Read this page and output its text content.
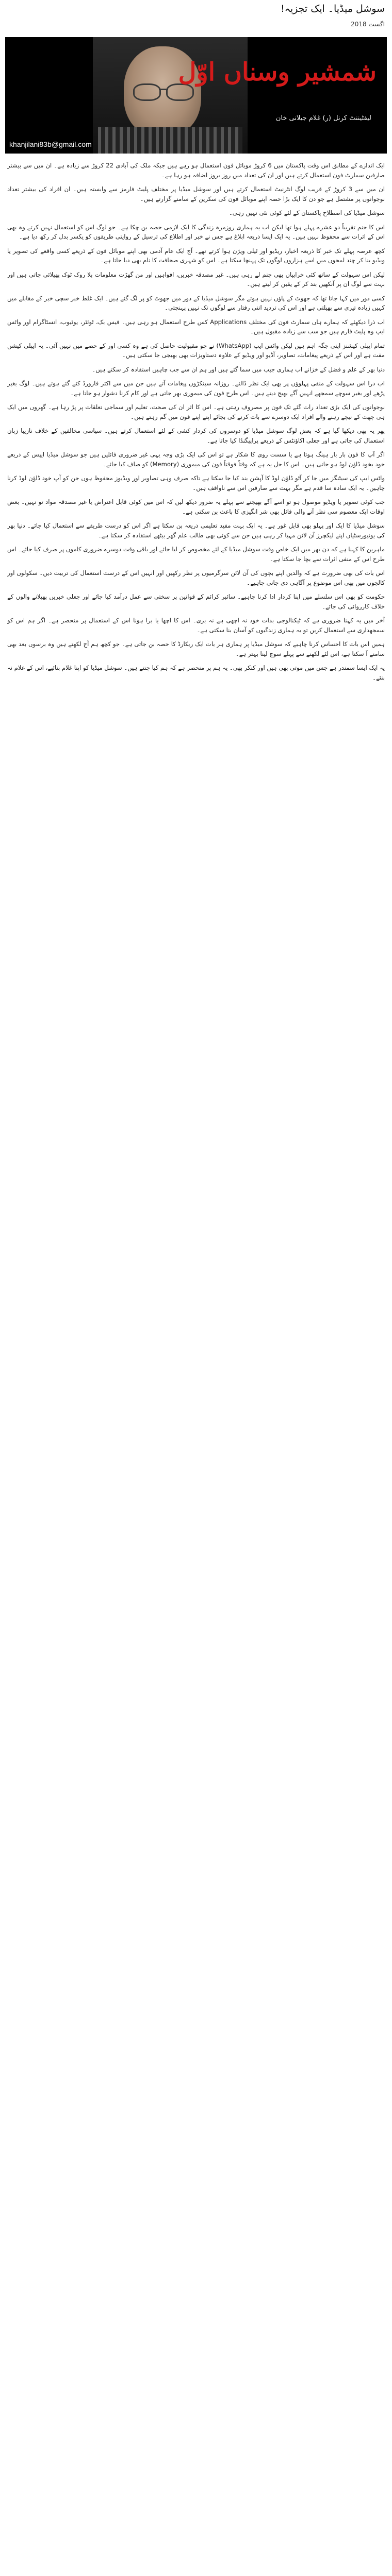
سوشل میڈیا۔ ایک تجزیہ!
اگست 2018
شمشیر وسناں اوّل
لیفٹیننٹ کرنل (ر) غلام جیلانی خان
khanjilani83b@gmail.com

ایک اندازے کے مطابق اس وقت پاکستان میں 6 کروڑ موبائل فون استعمال ہو رہے ہیں جبکہ ملک کی آبادی 22 کروڑ سے زیادہ ہے۔ ان میں سے بیشتر صارفین سمارٹ فون استعمال کرتے ہیں اور ان کی تعداد میں روز بروز اضافہ ہو رہا ہے۔

ان میں سے 3 کروڑ کے قریب لوگ انٹرنیٹ استعمال کرتے ہیں اور سوشل میڈیا پر مختلف پلیٹ فارمز سے وابستہ ہیں۔ ان افراد کی بیشتر تعداد نوجوانوں پر مشتمل ہے جو دن کا ایک بڑا حصہ اپنے موبائل فون کی سکرین کے سامنے گزارتے ہیں۔

سوشل میڈیا کی اصطلاح پاکستان کے لئے کوئی نئی نہیں رہی۔

اس کا جنم تقریباً دو عشرے پہلے ہوا تھا لیکن اب یہ ہماری روزمرہ زندگی کا ایک لازمی حصہ بن چکا ہے۔ جو لوگ اس کو استعمال نہیں کرتے وہ بھی اس کے اثرات سے محفوظ نہیں ہیں۔ یہ ایک ایسا ذریعہ ابلاغ ہے جس نے خبر اور اطلاع کی ترسیل کے روایتی طریقوں کو یکسر بدل کر رکھ دیا ہے۔

کچھ عرصہ پہلے تک خبر کا ذریعہ اخبار، ریڈیو اور ٹیلی ویژن ہوا کرتے تھے۔ آج ایک عام آدمی بھی اپنے موبائل فون کے ذریعے کسی واقعے کی تصویر یا ویڈیو بنا کر چند لمحوں میں اسے ہزاروں لوگوں تک پہنچا سکتا ہے۔ اس کو شہری صحافت کا نام بھی دیا جاتا ہے۔

لیکن اس سہولت کے ساتھ کئی خرابیاں بھی جنم لے رہی ہیں۔ غیر مصدقہ خبریں، افواہیں اور من گھڑت معلومات بلا روک ٹوک پھیلائی جاتی ہیں اور بہت سے لوگ ان پر آنکھیں بند کر کے یقین کر لیتے ہیں۔

کسی دور میں کہا جاتا تھا کہ جھوٹ کے پاؤں نہیں ہوتے مگر سوشل میڈیا کے دور میں جھوٹ کو پر لگ گئے ہیں۔ ایک غلط خبر سچی خبر کے مقابلے میں کہیں زیادہ تیزی سے پھیلتی ہے اور اس کی تردید اتنی رفتار سے لوگوں تک نہیں پہنچتی۔

اب ذرا دیکھئے کہ ہمارے ہاں سمارٹ فون کی مختلف Applications کس طرح استعمال ہو رہی ہیں۔ فیس بک، ٹوئٹر، یوٹیوب، انسٹاگرام اور واٹس ایپ وہ پلیٹ فارم ہیں جو سب سے زیادہ مقبول ہیں۔

تمام ایپلی کیشنز اپنی جگہ اہم ہیں لیکن واٹس ایپ (WhatsApp) نے جو مقبولیت حاصل کی ہے وہ کسی اور کے حصے میں نہیں آئی۔ یہ ایپلی کیشن مفت ہے اور اس کے ذریعے پیغامات، تصاویر، آڈیو اور ویڈیو کے علاوہ دستاویزات بھی بھیجی جا سکتی ہیں۔

دنیا بھر کے علم و فضل کے خزانے اب ہماری جیب میں سما گئے ہیں اور ہم ان سے جب چاہیں استفادہ کر سکتے ہیں۔

اب ذرا اس سہولت کے منفی پہلوؤں پر بھی ایک نظر ڈالئے۔ روزانہ سینکڑوں پیغامات آتے ہیں جن میں سے اکثر فارورڈ کئے گئے ہوتے ہیں۔ لوگ بغیر پڑھے اور بغیر سوچے سمجھے انہیں آگے بھیج دیتے ہیں۔ اس طرح فون کی میموری بھر جاتی ہے اور کام کرنا دشوار ہو جاتا ہے۔

نوجوانوں کی ایک بڑی تعداد رات گئے تک فون پر مصروف رہتی ہے۔ اس کا اثر ان کی صحت، تعلیم اور سماجی تعلقات پر پڑ رہا ہے۔ گھروں میں ایک ہی چھت کے نیچے رہنے والے افراد ایک دوسرے سے بات کرنے کی بجائے اپنے اپنے فون میں گم رہتے ہیں۔

پھر یہ بھی دیکھا گیا ہے کہ بعض لوگ سوشل میڈیا کو دوسروں کی کردار کشی کے لئے استعمال کرتے ہیں۔ سیاسی مخالفین کے خلاف نازیبا زبان استعمال کی جاتی ہے اور جعلی اکاؤنٹس کے ذریعے پراپیگنڈا کیا جاتا ہے۔

اگر آپ کا فون بار بار ہینگ ہوتا ہے یا سست روی کا شکار ہے تو اس کی ایک بڑی وجہ یہی غیر ضروری فائلیں ہیں جو سوشل میڈیا ایپس کے ذریعے خود بخود ڈاؤن لوڈ ہو جاتی ہیں۔ اس کا حل یہ ہے کہ وقتاً فوقتاً فون کی میموری (Memory) کو صاف کیا جائے۔

واٹس ایپ کی سیٹنگز میں جا کر آٹو ڈاؤن لوڈ کا آپشن بند کیا جا سکتا ہے تاکہ صرف وہی تصاویر اور ویڈیوز محفوظ ہوں جن کو آپ خود ڈاؤن لوڈ کرنا چاہیں۔ یہ ایک سادہ سا قدم ہے مگر بہت سے صارفین اس سے ناواقف ہیں۔

جب کوئی تصویر یا ویڈیو موصول ہو تو اسے آگے بھیجنے سے پہلے یہ ضرور دیکھ لیں کہ اس میں کوئی قابل اعتراض یا غیر مصدقہ مواد تو نہیں۔ بعض اوقات ایک معصوم سی نظر آنے والی فائل بھی شر انگیزی کا باعث بن سکتی ہے۔

سوشل میڈیا کا ایک اور پہلو بھی قابل غور ہے۔ یہ ایک بہت مفید تعلیمی ذریعہ بن سکتا ہے اگر اس کو درست طریقے سے استعمال کیا جائے۔ دنیا بھر کی یونیورسٹیاں اپنے لیکچرز آن لائن مہیا کر رہی ہیں جن سے کوئی بھی طالب علم گھر بیٹھے استفادہ کر سکتا ہے۔

ماہرین کا کہنا ہے کہ دن بھر میں ایک خاص وقت سوشل میڈیا کے لئے مخصوص کر لیا جائے اور باقی وقت دوسرے ضروری کاموں پر صرف کیا جائے۔ اس طرح اس کے منفی اثرات سے بچا جا سکتا ہے۔

اس بات کی بھی ضرورت ہے کہ والدین اپنے بچوں کی آن لائن سرگرمیوں پر نظر رکھیں اور انہیں اس کے درست استعمال کی تربیت دیں۔ سکولوں اور کالجوں میں بھی اس موضوع پر آگاہی دی جانی چاہیے۔

حکومت کو بھی اس سلسلے میں اپنا کردار ادا کرنا چاہیے۔ سائبر کرائم کے قوانین پر سختی سے عمل درآمد کیا جائے اور جعلی خبریں پھیلانے والوں کے خلاف کارروائی کی جائے۔

آخر میں یہ کہنا ضروری ہے کہ ٹیکنالوجی بذات خود نہ اچھی ہے نہ بری۔ اس کا اچھا یا برا ہونا اس کے استعمال پر منحصر ہے۔ اگر ہم اس کو سمجھداری سے استعمال کریں تو یہ ہماری زندگیوں کو آسان بنا سکتی ہے۔

ہمیں اس بات کا احساس کرنا چاہیے کہ سوشل میڈیا پر ہماری ہر بات ایک ریکارڈ کا حصہ بن جاتی ہے۔ جو کچھ ہم آج لکھتے ہیں وہ برسوں بعد بھی سامنے آ سکتا ہے، اس لئے لکھنے سے پہلے سوچ لینا بہتر ہے۔

یہ ایک ایسا سمندر ہے جس میں موتی بھی ہیں اور کنکر بھی۔ یہ ہم پر منحصر ہے کہ ہم کیا چنتے ہیں۔ سوشل میڈیا کو اپنا غلام بنائیے، اس کے غلام نہ بنئے۔
